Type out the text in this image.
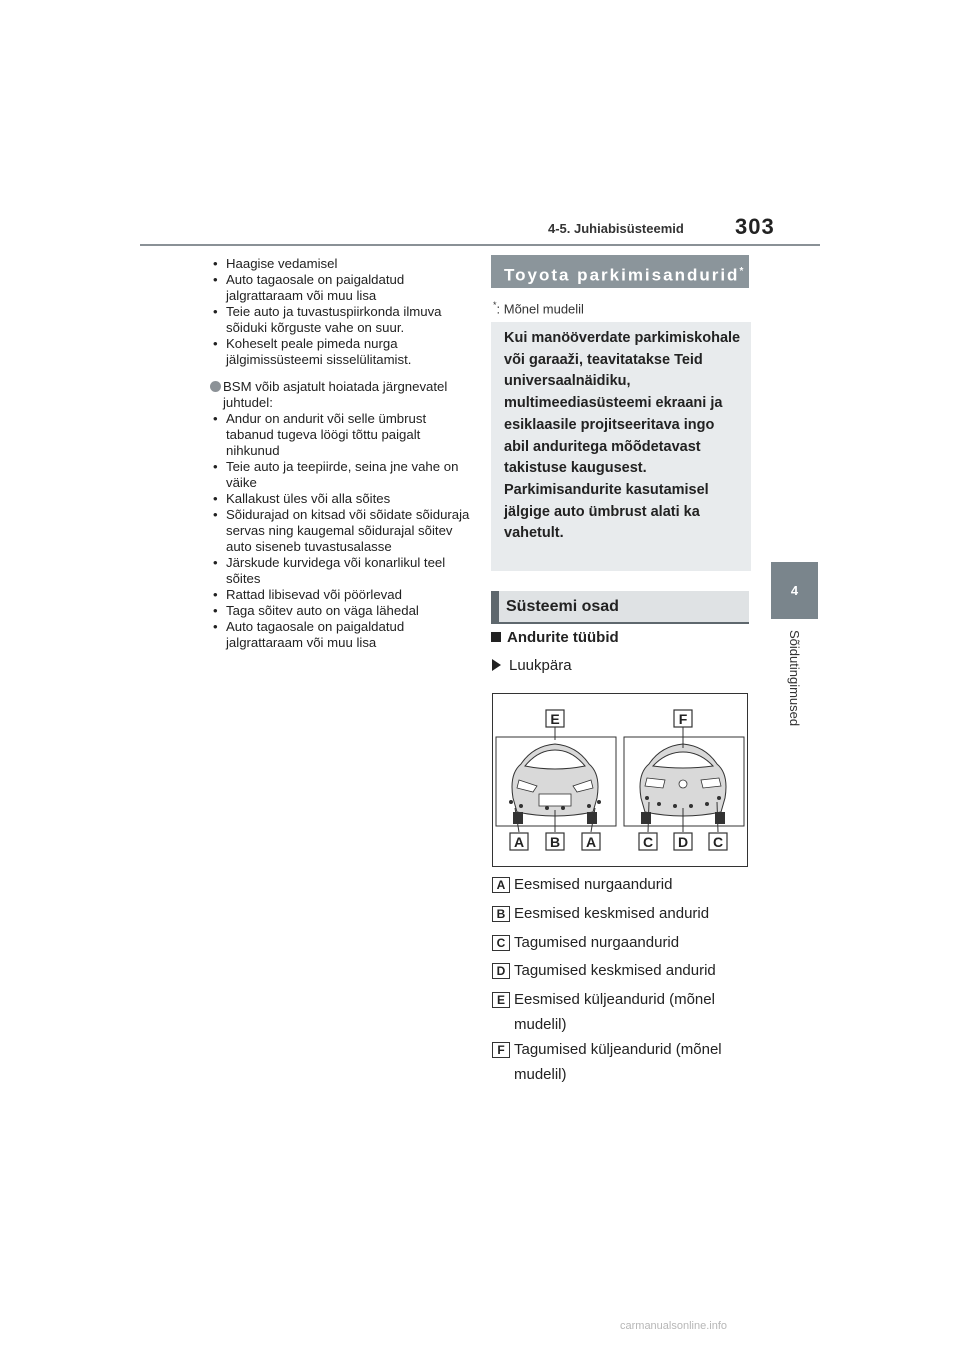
4-5. Juhiabisüsteemid 303
4
Sõidutingimused
• Haagise vedamisel
• Auto tagaosale on paigaldatud jalgrattaraam või muu lisa
• Teie auto ja tuvastuspiirkonda ilmuva sõiduki kõrguste vahe on suur.
• Koheselt peale pimeda nurga jälgimissüsteemi sisselülitamist.
BSM võib asjatult hoiatada järgnevatel juhtudel:
• Andur on andurit või selle ümbrust tabanud tugeva löögi tõttu paigalt nihkunud
• Teie auto ja teepiirde, seina jne vahe on väike
• Kallakust üles või alla sõites
• Sõidurajad on kitsad või sõidate sõiduraja servas ning kaugemal sõidurajal sõitev auto siseneb tuvastusalasse
• Järskude kurvidega või konarlikul teel sõites
• Rattad libisevad või pöörlevad
• Taga sõitev auto on väga lähedal
• Auto tagaosale on paigaldatud jalgrattaraam või muu lisa
Toyota parkimisandurid*
*: Mõnel mudelil
Kui manööverdate parkimiskohale või garaaži, teavitatakse Teid universaalnäidiku, multimeediasüsteemi ekraani ja esiklaasile projitseeritava ingo abil anduritega mõõdetavast takistuse kaugusest. Parkimisandurite kasutamisel jälgige auto ümbrust alati ka vahetult.
Süsteemi osad
Andurite tüübid
Luukpära
E	F
A B A	C D C
A Eesmised nurgaandurid
B Eesmised keskmised andurid
C Tagumised nurgaandurid
D Tagumised keskmised andurid
E Eesmised küljeandurid (mõnel mudelil)
F Tagumised küljeandurid (mõnel mudelil)
carmanualsonline.info
